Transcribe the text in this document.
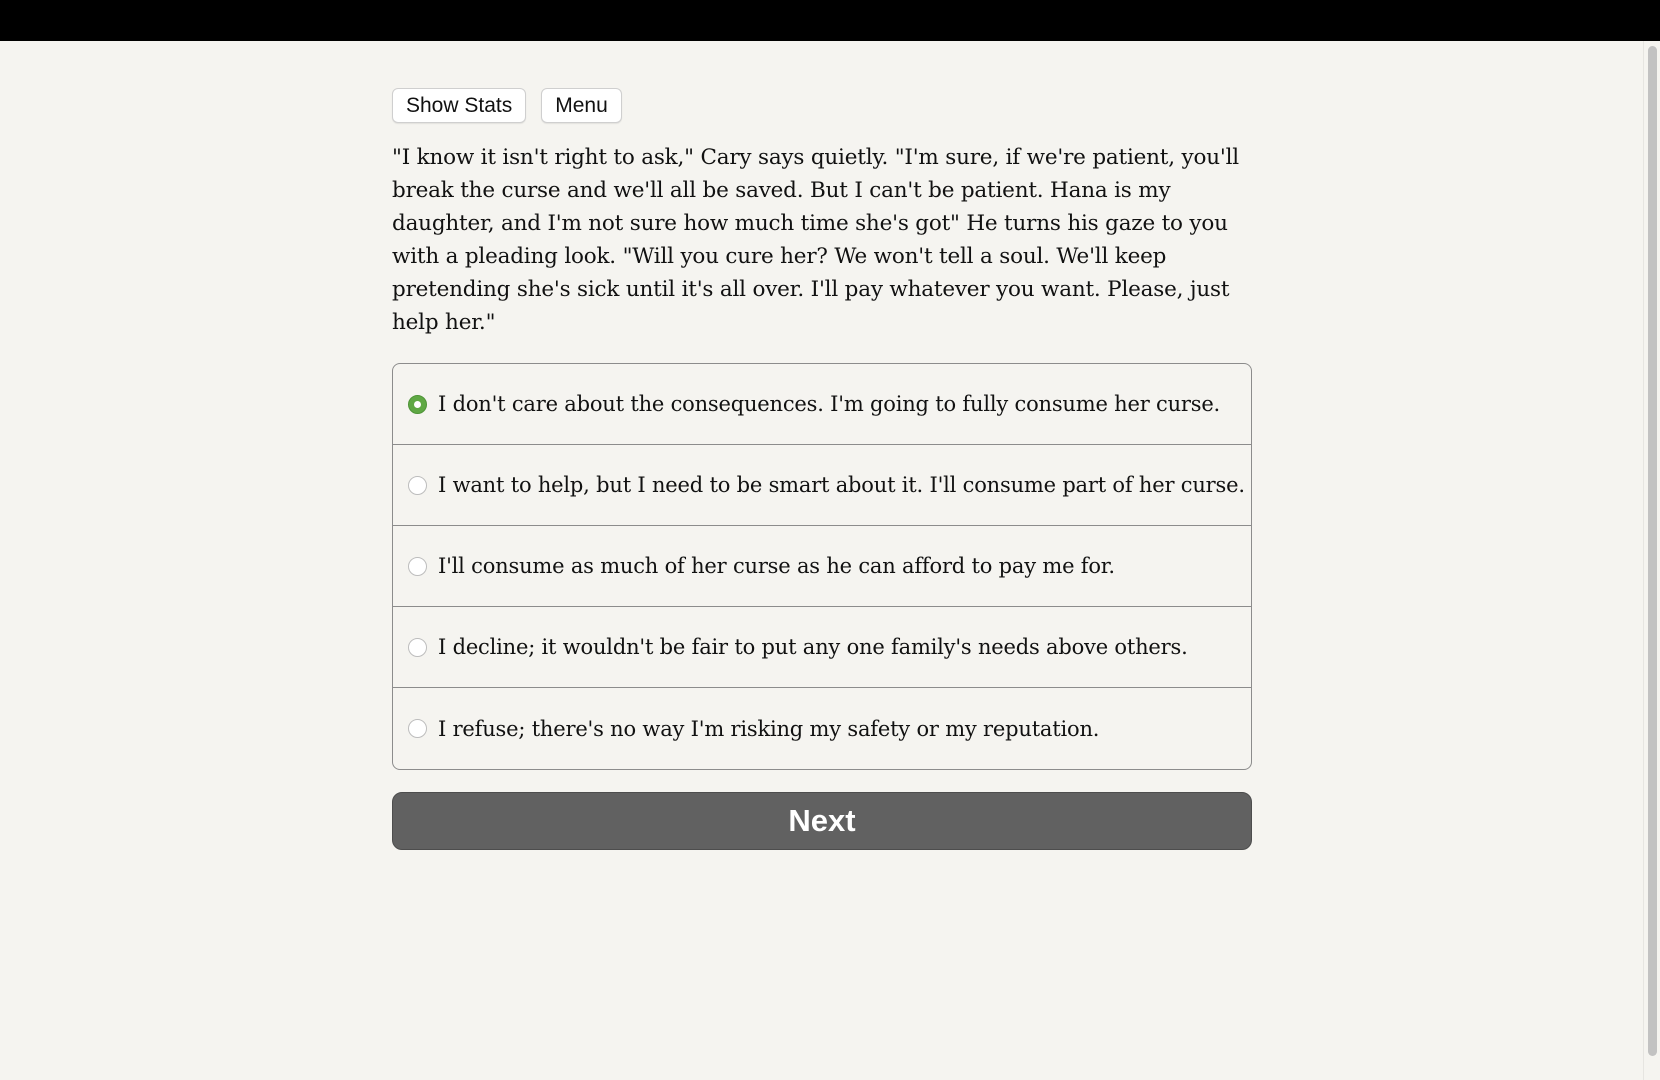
Show Stats	Menu
"I know it isn't right to ask," Cary says quietly. "I'm sure, if we're patient, you'll break the curse and we'll all be saved. But I can't be patient. Hana is my daughter, and I'm not sure how much time she's got" He turns his gaze to you with a pleading look. "Will you cure her? We won't tell a soul. We'll keep pretending she's sick until it's all over. I'll pay whatever you want. Please, just help her."
I don't care about the consequences. I'm going to fully consume her curse.
I want to help, but I need to be smart about it. I'll consume part of her curse.
I'll consume as much of her curse as he can afford to pay me for.
I decline; it wouldn't be fair to put any one family's needs above others.
I refuse; there's no way I'm risking my safety or my reputation.
Next
